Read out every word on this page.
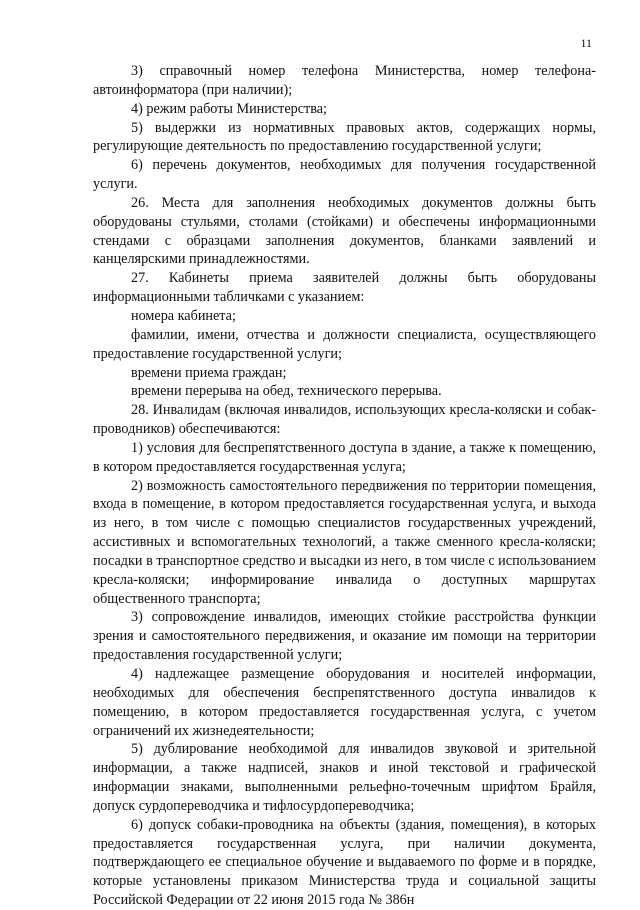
11

3) справочный номер телефона Министерства, номер телефона-автоинформатора (при наличии);

4) режим работы Министерства;

5) выдержки из нормативных правовых актов, содержащих нормы, регулирующие деятельность по предоставлению государственной услуги;

6) перечень документов, необходимых для получения государственной услуги.

26. Места для заполнения необходимых документов должны быть оборудованы стульями, столами (стойками) и обеспечены информационными стендами с образцами заполнения документов, бланками заявлений и канцелярскими принадлежностями.

27. Кабинеты приема заявителей должны быть оборудованы информационными табличками с указанием:

номера кабинета;

фамилии, имени, отчества и должности специалиста, осуществляющего предоставление государственной услуги;

времени приема граждан;

времени перерыва на обед, технического перерыва.

28. Инвалидам (включая инвалидов, использующих кресла-коляски и собак-проводников) обеспечиваются:

1) условия для беспрепятственного доступа в здание, а также к помещению, в котором предоставляется государственная услуга;

2) возможность самостоятельного передвижения по территории помещения, входа в помещение, в котором предоставляется государственная услуга, и выхода из него, в том числе с помощью специалистов государственных учреждений, ассистивных и вспомогательных технологий, а также сменного кресла-коляски; посадки в транспортное средство и высадки из него, в том числе с использованием кресла-коляски; информирование инвалида о доступных маршрутах общественного транспорта;

3) сопровождение инвалидов, имеющих стойкие расстройства функции зрения и самостоятельного передвижения, и оказание им помощи на территории предоставления государственной услуги;

4) надлежащее размещение оборудования и носителей информации, необходимых для обеспечения беспрепятственного доступа инвалидов к помещению, в котором предоставляется государственная услуга, с учетом ограничений их жизнедеятельности;

5) дублирование необходимой для инвалидов звуковой и зрительной информации, а также надписей, знаков и иной текстовой и графической информации знаками, выполненными рельефно-точечным шрифтом Брайля, допуск сурдопереводчика и тифлосурдопереводчика;

6) допуск собаки-проводника на объекты (здания, помещения), в которых предоставляется государственная услуга, при наличии документа, подтверждающего ее специальное обучение и выдаваемого по форме и в порядке, которые установлены приказом Министерства труда и социальной защиты Российской Федерации от 22 июня 2015 года № 386н
